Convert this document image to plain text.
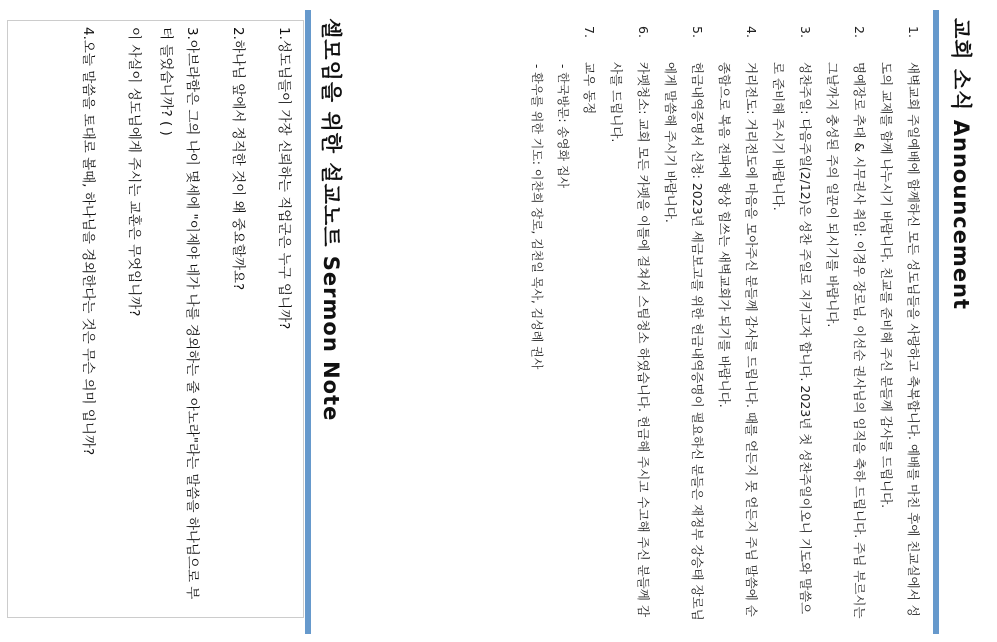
교회 소식 Announcement
1.
새벽교회 주일예배에 함께하신 모든 성도님들을 사랑하고 축복합니다. 예배를 마친 후에 친교실에서 성도의 교제를 함께 나누시기 바랍니다. 친교를 준비해 주신 분들께 감사를 드립니다.
2.
명예장로 추대 & 시무권사 취임: 이경우 장로님, 이선순 권사님의 임직을 축하 드립니다. 주님 부르시는 그날까지 충성된 주의 일꾼이 되시기를 바랍니다.
3.
성찬주일: 다음주일(2/12)은 성찬 주일로 지키고자 합니다. 2023년 첫 성찬주일이오니 기도와 말씀으로 준비해 주시기 바랍니다.
4.
거리전도: 거리전도에 마음을 모아주신 분들께 감사를 드립니다. 때를 얻든지 못 얻든지 주님 말씀에 순종함으로 복음 전파에 항상 힘쓰는 새벽교회가 되기를 바랍니다.
5.
헌금내역증명서 신청: 2023년 세금보고를 위한 헌금내역증명이 필요하신 분들은 재정부 강승태 장로님에게 말씀해 주시기 바랍니다.
6.
카펫청소: 교회 모든 카펫을 이틀에 걸쳐서 스팀청소 하였습니다. 헌금해 주시고 수고해 주신 분들께 감사를 드립니다.
7.
교우 동정
- 한국방문: 송영화 집사
- 환우를 위한 기도: 이찬희 장로, 김천일 목사, 김성례 권사
셀모임을 위한 설교노트 Sermon Note
1.성도님들이 가장 신뢰하는 직업군은 누구 입니까?
2.하나님 앞에서 정직한 것이 왜 중요할까요?
3.아브라함은 그의 나이 몇세에 "이제야 네가 나를 경외하는 줄 아노라"라는 말씀을 하나님으로 부터 들었습니까? ( )
이 사실이 성도님에게 주시는 교훈은 무엇입니까?
4.오늘 말씀을 토대로 볼때, 하나님을 경외한다는 것은 무슨 의미 입니까?
